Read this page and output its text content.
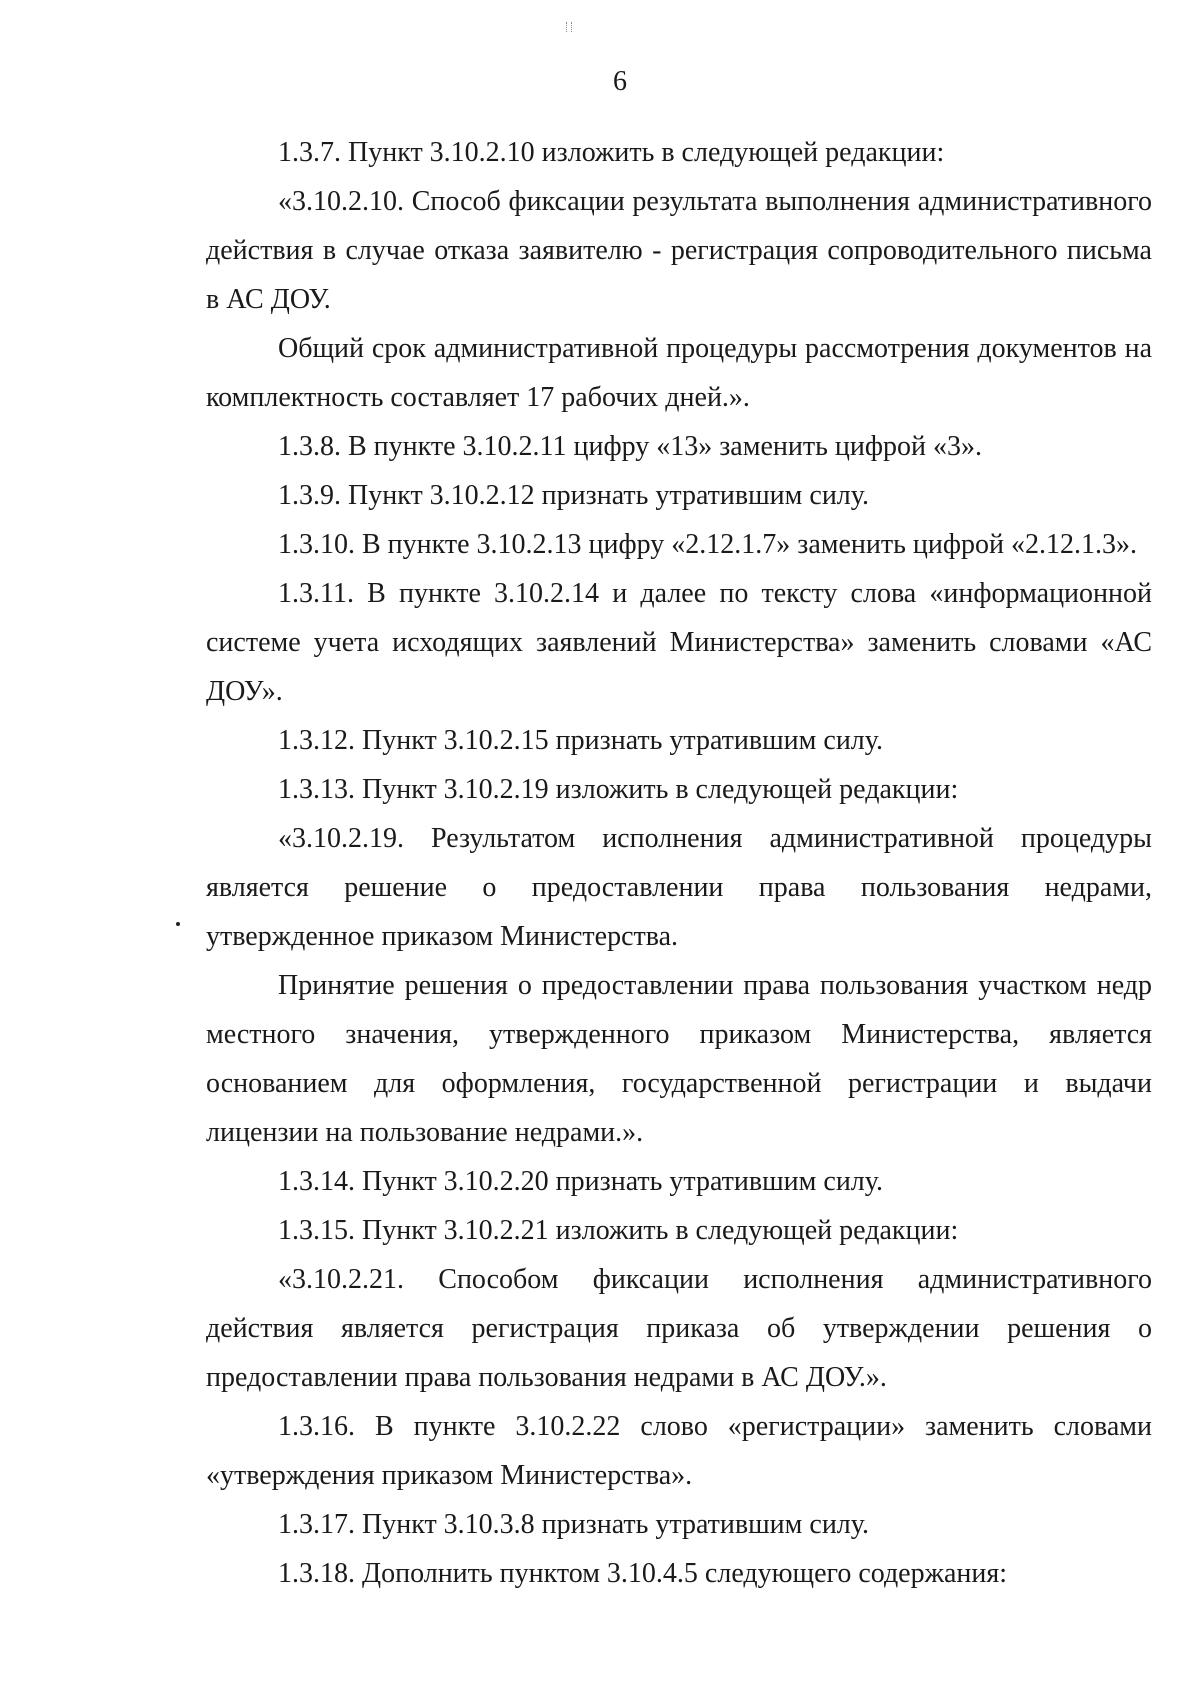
6

1.3.7. Пункт 3.10.2.10 изложить в следующей редакции:

«3.10.2.10. Способ фиксации результата выполнения административного действия в случае отказа заявителю - регистрация сопроводительного письма в АС ДОУ.

Общий срок административной процедуры рассмотрения документов на комплектность составляет 17 рабочих дней.».

1.3.8. В пункте 3.10.2.11 цифру «13» заменить цифрой «3».

1.3.9. Пункт 3.10.2.12 признать утратившим силу.

1.3.10. В пункте 3.10.2.13 цифру «2.12.1.7» заменить цифрой «2.12.1.3».

1.3.11. В пункте 3.10.2.14 и далее по тексту слова «информационной системе учета исходящих заявлений Министерства» заменить словами «АС ДОУ».

1.3.12. Пункт 3.10.2.15 признать утратившим силу.

1.3.13. Пункт 3.10.2.19 изложить в следующей редакции:

«3.10.2.19. Результатом исполнения административной процедуры является решение о предоставлении права пользования недрами, утвержденное приказом Министерства.

Принятие решения о предоставлении права пользования участком недр местного значения, утвержденного приказом Министерства, является основанием для оформления, государственной регистрации и выдачи лицензии на пользование недрами.».

1.3.14. Пункт 3.10.2.20 признать утратившим силу.

1.3.15. Пункт 3.10.2.21 изложить в следующей редакции:

«3.10.2.21. Способом фиксации исполнения административного действия является регистрация приказа об утверждении решения о предоставлении права пользования недрами в АС ДОУ.».

1.3.16. В пункте 3.10.2.22 слово «регистрации» заменить словами «утверждения приказом Министерства».

1.3.17. Пункт 3.10.3.8 признать утратившим силу.

1.3.18. Дополнить пунктом 3.10.4.5 следующего содержания:
